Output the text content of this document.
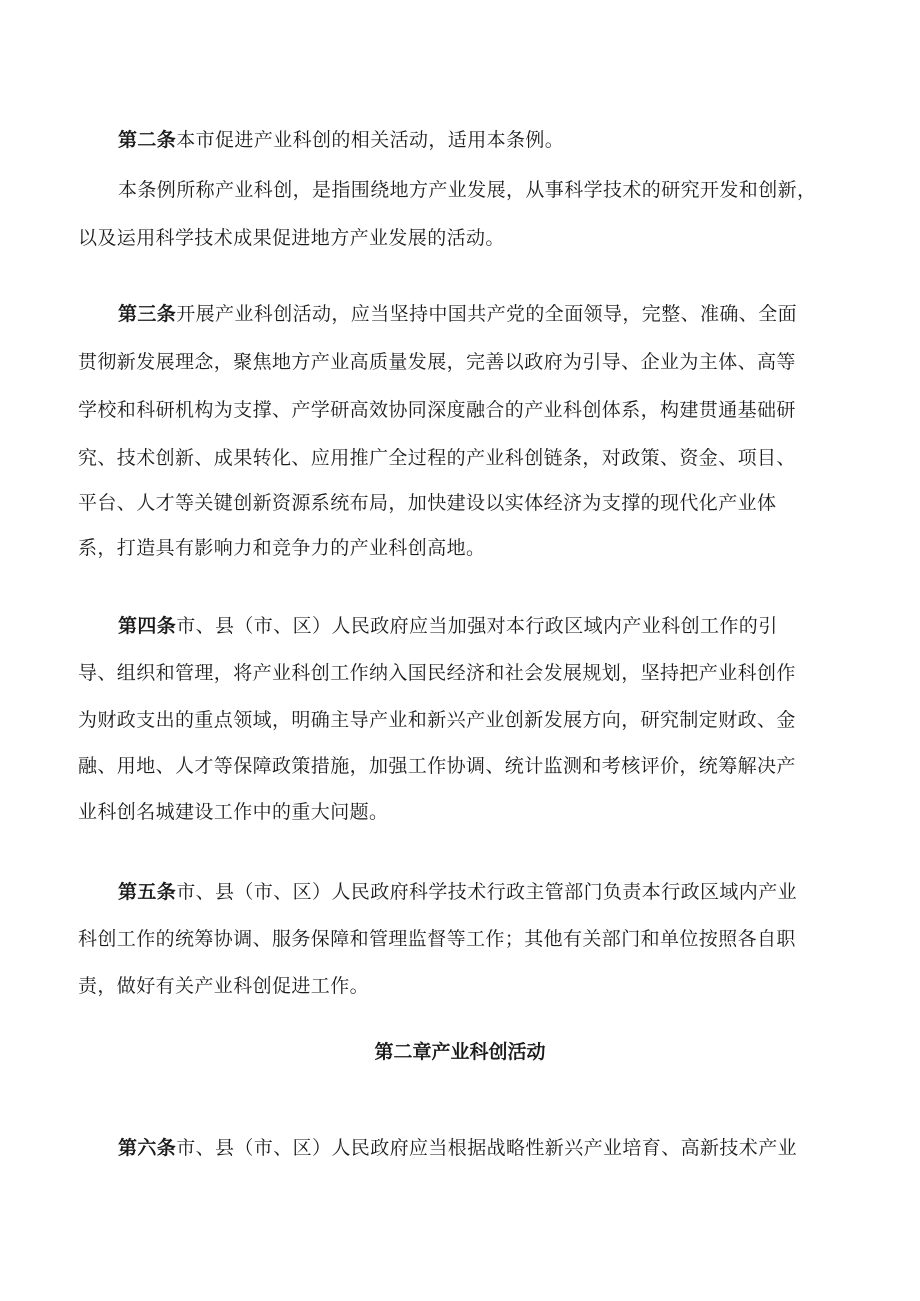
第二条本市促进产业科创的相关活动，适用本条例。
本条例所称产业科创，是指围绕地方产业发展，从事科学技术的研究开发和创新，
以及运用科学技术成果促进地方产业发展的活动。
第三条开展产业科创活动，应当坚持中国共产党的全面领导，完整、准确、全面
贯彻新发展理念，聚焦地方产业高质量发展，完善以政府为引导、企业为主体、高等
学校和科研机构为支撑、产学研高效协同深度融合的产业科创体系，构建贯通基础研
究、技术创新、成果转化、应用推广全过程的产业科创链条，对政策、资金、项目、
平台、人才等关键创新资源系统布局，加快建设以实体经济为支撑的现代化产业体
系，打造具有影响力和竞争力的产业科创高地。
第四条市、县（市、区）人民政府应当加强对本行政区域内产业科创工作的引
导、组织和管理，将产业科创工作纳入国民经济和社会发展规划，坚持把产业科创作
为财政支出的重点领域，明确主导产业和新兴产业创新发展方向，研究制定财政、金
融、用地、人才等保障政策措施，加强工作协调、统计监测和考核评价，统筹解决产
业科创名城建设工作中的重大问题。
第五条市、县（市、区）人民政府科学技术行政主管部门负责本行政区域内产业
科创工作的统筹协调、服务保障和管理监督等工作；其他有关部门和单位按照各自职
责，做好有关产业科创促进工作。
第二章产业科创活动
第六条市、县（市、区）人民政府应当根据战略性新兴产业培育、高新技术产业
